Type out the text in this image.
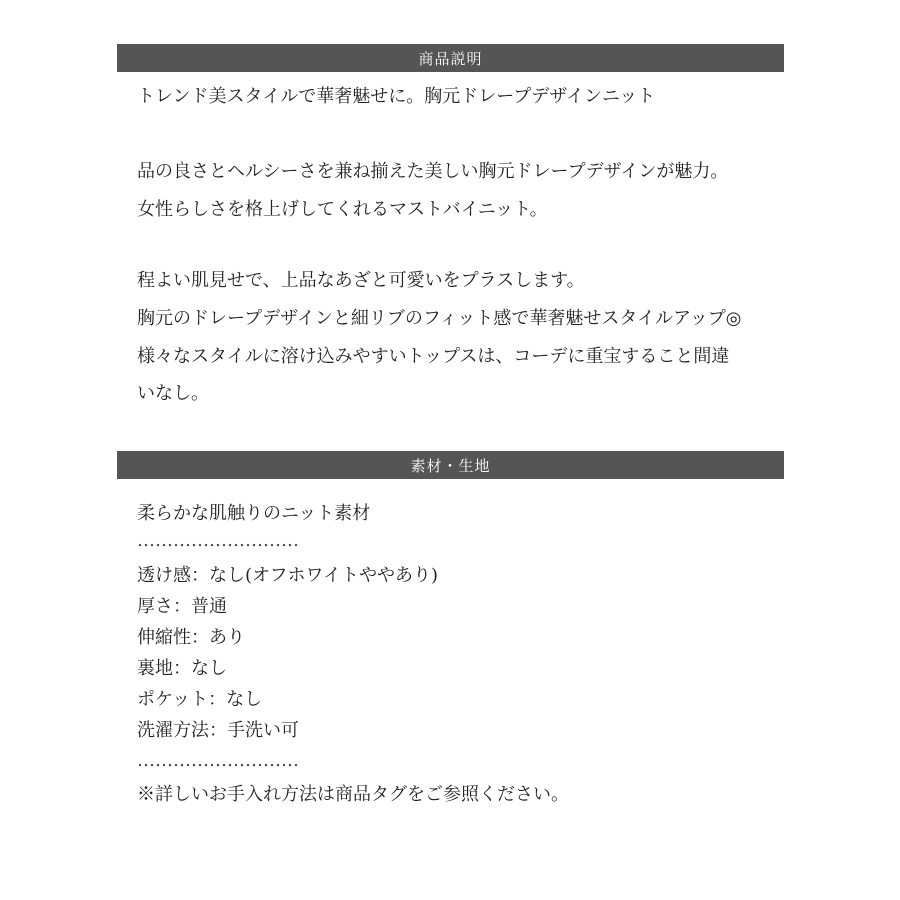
商品説明
トレンド美スタイルで華奢魅せに。胸元ドレープデザインニット
品の良さとヘルシーさを兼ね揃えた美しい胸元ドレープデザインが魅力。
女性らしさを格上げしてくれるマストバイニット。
程よい肌見せで、上品なあざと可愛いをプラスします。
胸元のドレープデザインと細リブのフィット感で華奢魅せスタイルアップ◎
様々なスタイルに溶け込みやすいトップスは、コーデに重宝すること間違
いなし。
素材・生地
柔らかな肌触りのニット素材
………………………
透け感：なし(オフホワイトややあり)
厚さ：普通
伸縮性：あり
裏地：なし
ポケット：なし
洗濯方法：手洗い可
………………………
※詳しいお手入れ方法は商品タグをご参照ください。
